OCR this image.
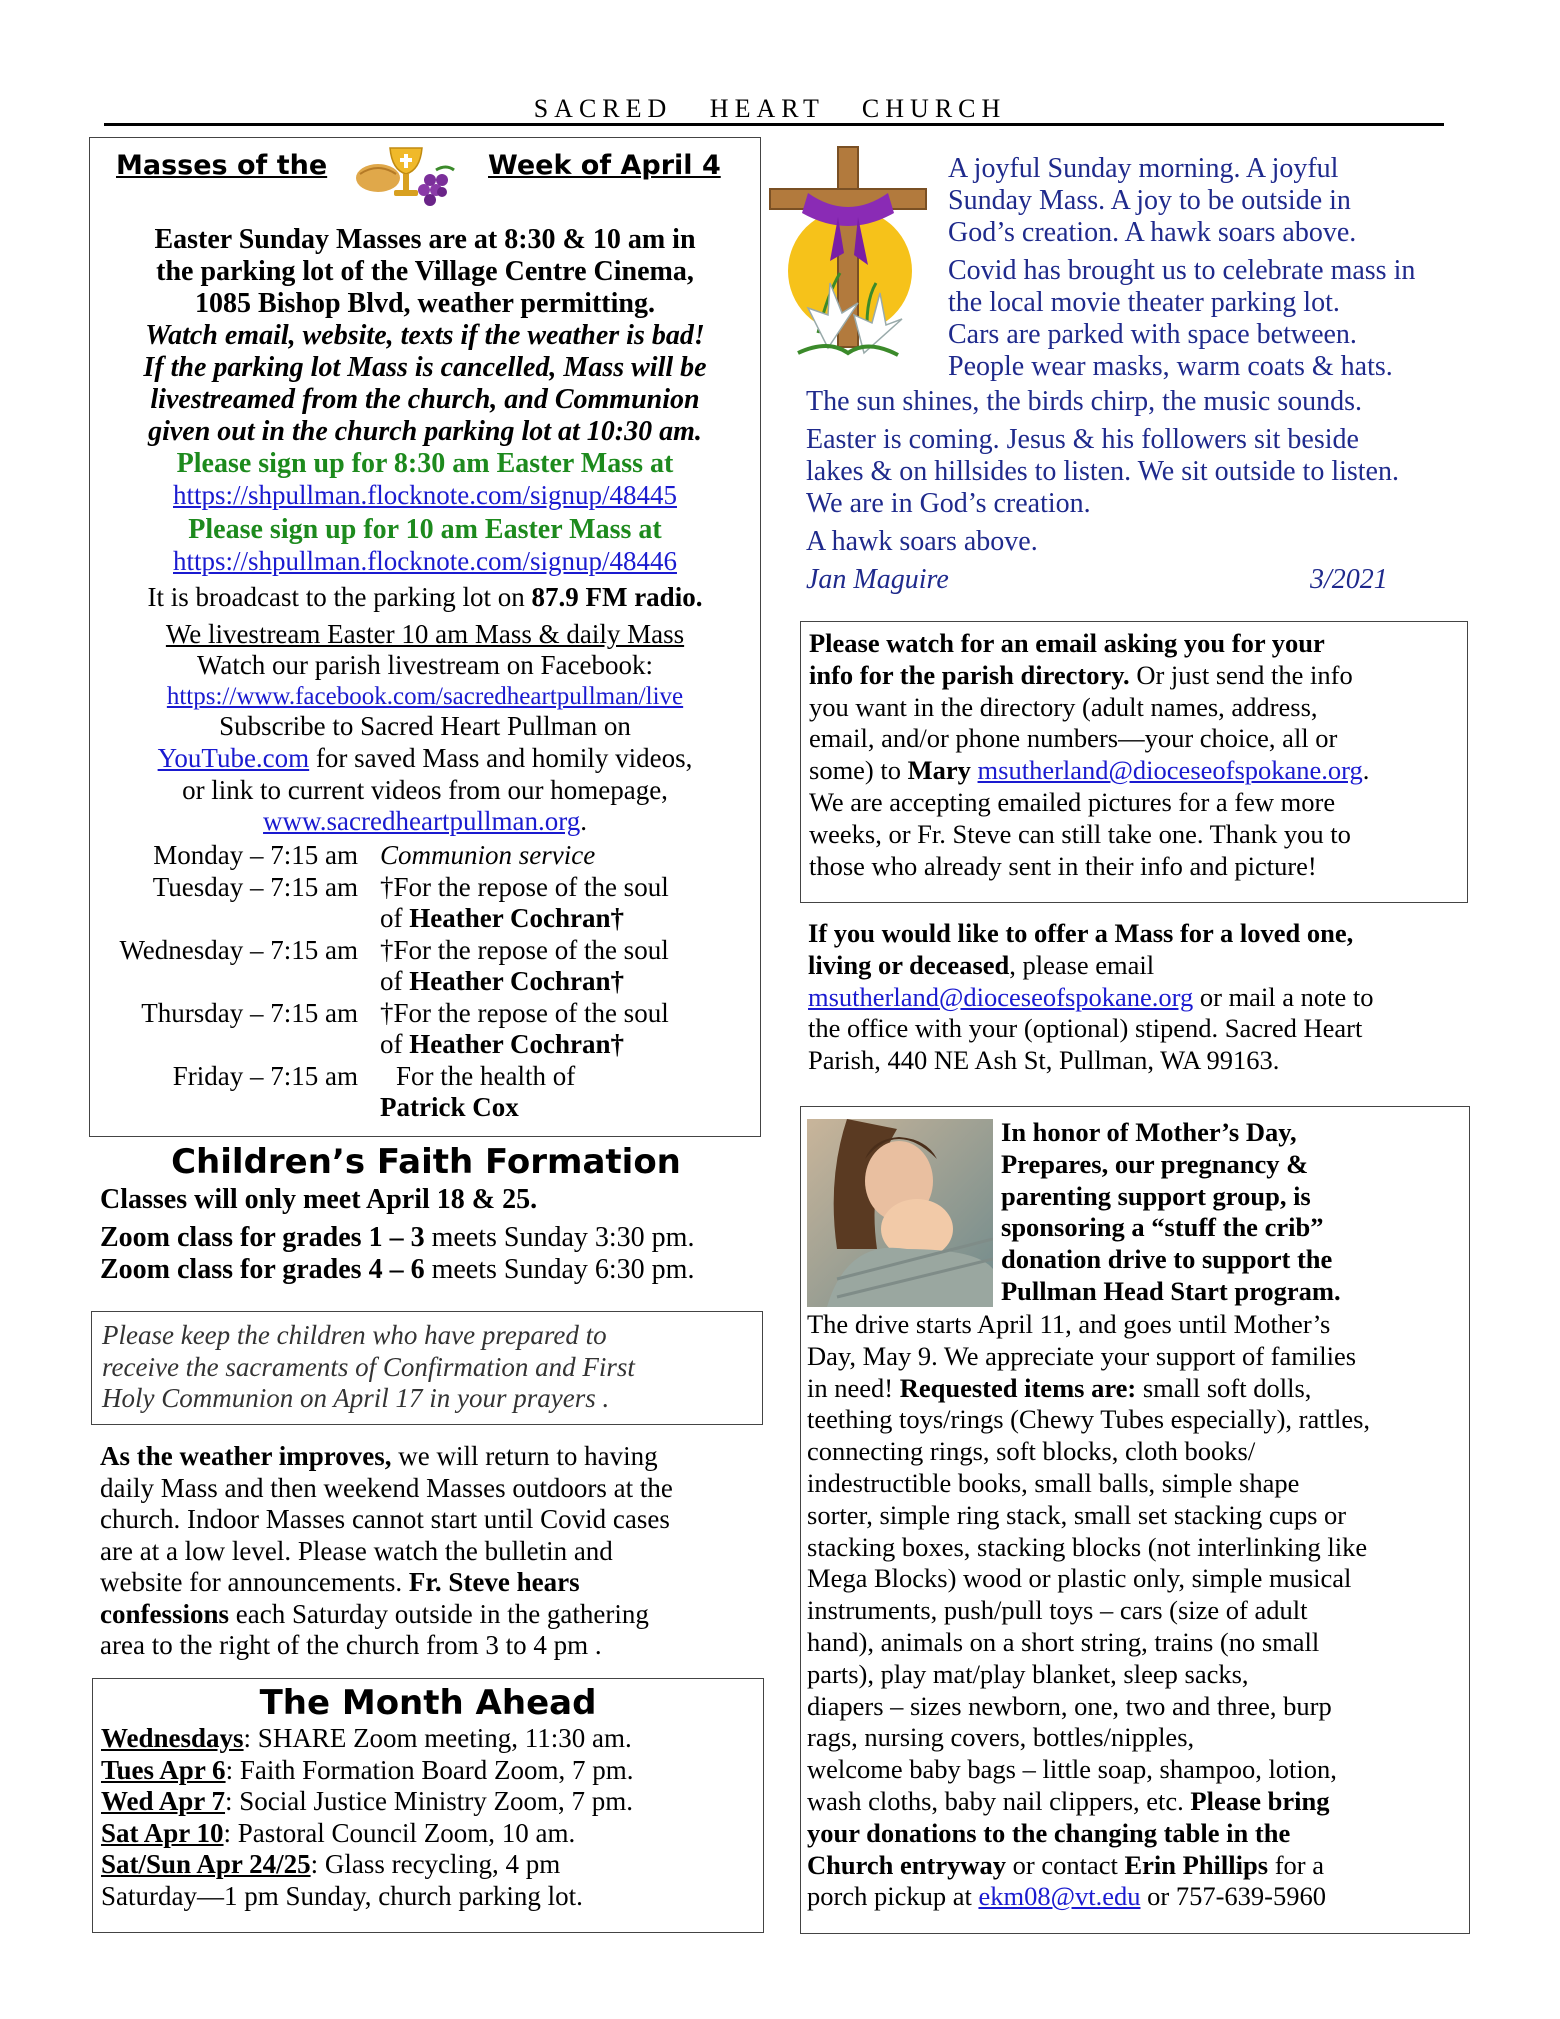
SACRED   HEART   CHURCH
Masses of the	Week of April 4
Easter Sunday Masses are at 8:30 & 10 am in
the parking lot of the Village Centre Cinema,
1085 Bishop Blvd, weather permitting.
Watch email, website, texts if the weather is bad!
If the parking lot Mass is cancelled, Mass will be
livestreamed from the church, and Communion
given out in the church parking lot at 10:30 am.
Please sign up for 8:30 am Easter Mass at
https://shpullman.flocknote.com/signup/48445
Please sign up for 10 am Easter Mass at
https://shpullman.flocknote.com/signup/48446
It is broadcast to the parking lot on 87.9 FM radio.
We livestream Easter 10 am Mass & daily Mass
Watch our parish livestream on Facebook:
https://www.facebook.com/sacredheartpullman/live
Subscribe to Sacred Heart Pullman on
YouTube.com for saved Mass and homily videos,
or link to current videos from our homepage,
www.sacredheartpullman.org.
Monday – 7:15 am Communion service
Tuesday – 7:15 am †For the repose of the soul
of Heather Cochran†
Wednesday – 7:15 am †For the repose of the soul
of Heather Cochran†
Thursday – 7:15 am †For the repose of the soul
of Heather Cochran†
Friday – 7:15 am	For the health of
Patrick Cox
Children’s Faith Formation
Classes will only meet April 18 & 25.
Zoom class for grades 1 – 3 meets Sunday 3:30 pm.
Zoom class for grades 4 – 6 meets Sunday 6:30 pm.
Please keep the children who have prepared to
receive the sacraments of Confirmation and First
Holy Communion on April 17 in your prayers .
As the weather improves, we will return to having
daily Mass and then weekend Masses outdoors at the
church. Indoor Masses cannot start until Covid cases
are at a low level. Please watch the bulletin and
website for announcements. Fr. Steve hears
confessions each Saturday outside in the gathering
area to the right of the church from 3 to 4 pm .
The Month Ahead
Wednesdays: SHARE Zoom meeting, 11:30 am.
Tues Apr 6: Faith Formation Board Zoom, 7 pm.
Wed Apr 7: Social Justice Ministry Zoom, 7 pm.
Sat Apr 10: Pastoral Council Zoom, 10 am.
Sat/Sun Apr 24/25: Glass recycling, 4 pm
Saturday—1 pm Sunday, church parking lot.
A joyful Sunday morning. A joyful
Sunday Mass. A joy to be outside in
God’s creation. A hawk soars above.
Covid has brought us to celebrate mass in
the local movie theater parking lot.
Cars are parked with space between.
People wear masks, warm coats & hats.
The sun shines, the birds chirp, the music sounds.
Easter is coming. Jesus & his followers sit beside
lakes & on hillsides to listen. We sit outside to listen.
We are in God’s creation.
A hawk soars above.
Jan Maguire	3/2021
Please watch for an email asking you for your
info for the parish directory. Or just send the info
you want in the directory (adult names, address,
email, and/or phone numbers—your choice, all or
some) to Mary msutherland@dioceseofspokane.org.
We are accepting emailed pictures for a few more
weeks, or Fr. Steve can still take one. Thank you to
those who already sent in their info and picture!
If you would like to offer a Mass for a loved one,
living or deceased, please email
msutherland@dioceseofspokane.org or mail a note to
the office with your (optional) stipend. Sacred Heart
Parish, 440 NE Ash St, Pullman, WA 99163.
In honor of Mother’s Day,
Prepares, our pregnancy &
parenting support group, is
sponsoring a “stuff the crib”
donation drive to support the
Pullman Head Start program.
The drive starts April 11, and goes until Mother’s
Day, May 9. We appreciate your support of families
in need! Requested items are: small soft dolls,
teething toys/rings (Chewy Tubes especially), rattles,
connecting rings, soft blocks, cloth books/
indestructible books, small balls, simple shape
sorter, simple ring stack, small set stacking cups or
stacking boxes, stacking blocks (not interlinking like
Mega Blocks) wood or plastic only, simple musical
instruments, push/pull toys – cars (size of adult
hand), animals on a short string, trains (no small
parts), play mat/play blanket, sleep sacks,
diapers – sizes newborn, one, two and three, burp
rags, nursing covers, bottles/nipples,
welcome baby bags – little soap, shampoo, lotion,
wash cloths, baby nail clippers, etc. Please bring
your donations to the changing table in the
Church entryway or contact Erin Phillips for a
porch pickup at ekm08@vt.edu or 757-639-5960
